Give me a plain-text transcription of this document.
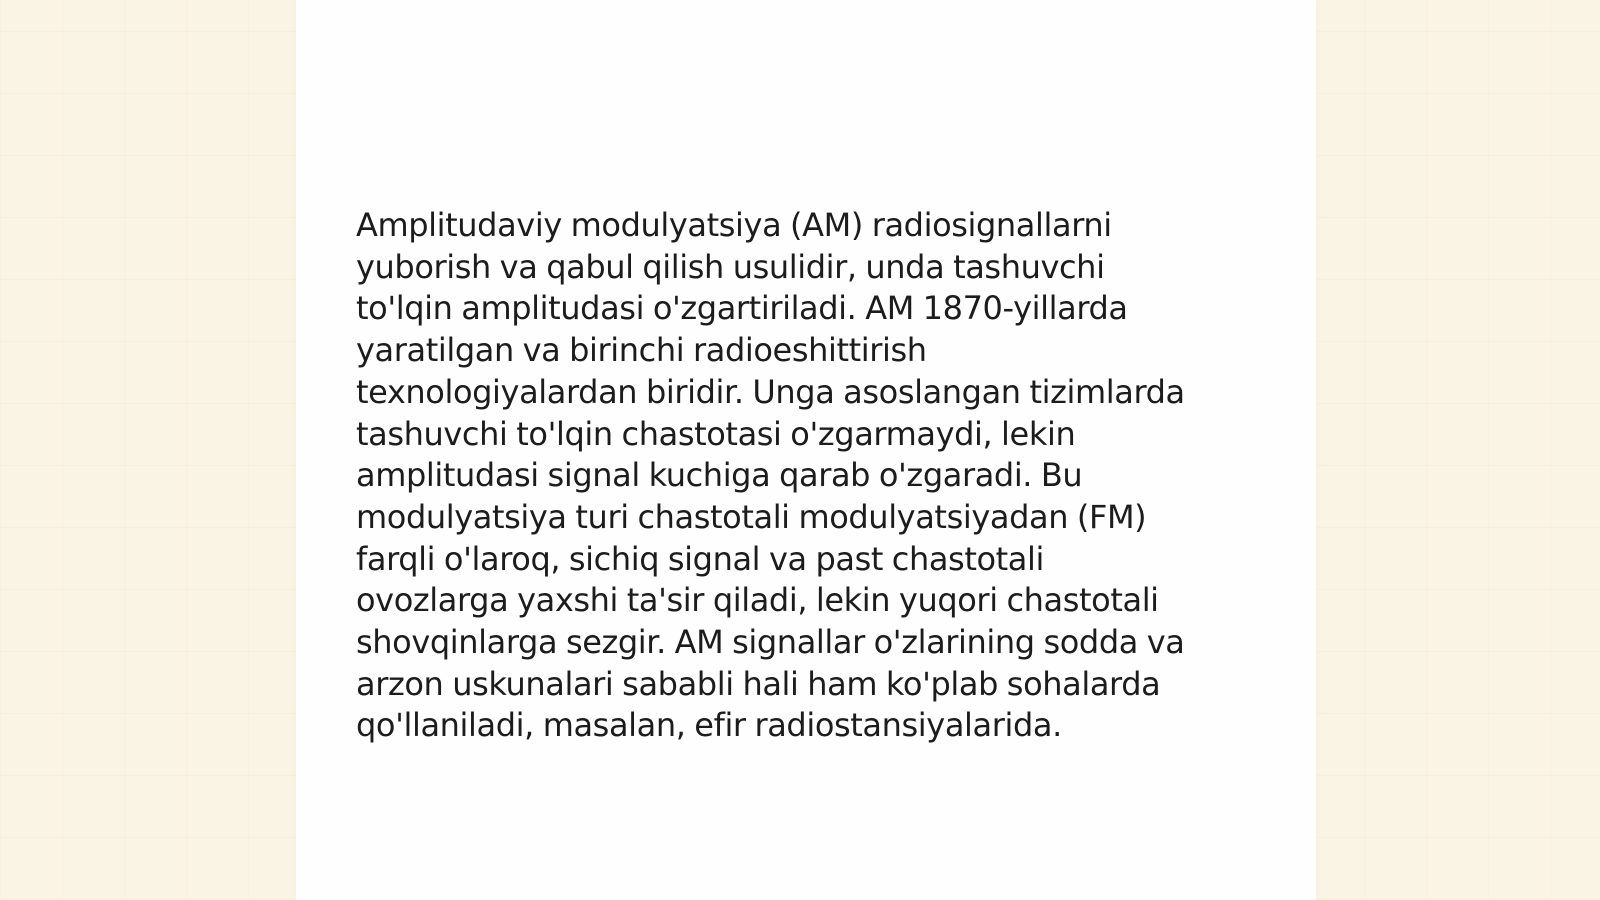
Amplitudaviy modulyatsiya (AM) radiosignallarni
yuborish va qabul qilish usulidir, unda tashuvchi
to'lqin amplitudasi o'zgartiriladi. AM 1870-yillarda
yaratilgan va birinchi radioeshittirish
texnologiyalardan biridir. Unga asoslangan tizimlarda
tashuvchi to'lqin chastotasi o'zgarmaydi, lekin
amplitudasi signal kuchiga qarab o'zgaradi. Bu
modulyatsiya turi chastotali modulyatsiyadan (FM)
farqli o'laroq, sichiq signal va past chastotali
ovozlarga yaxshi ta'sir qiladi, lekin yuqori chastotali
shovqinlarga sezgir. AM signallar o'zlarining sodda va
arzon uskunalari sababli hali ham ko'plab sohalarda
qo'llaniladi, masalan, efir radiostansiyalarida.
